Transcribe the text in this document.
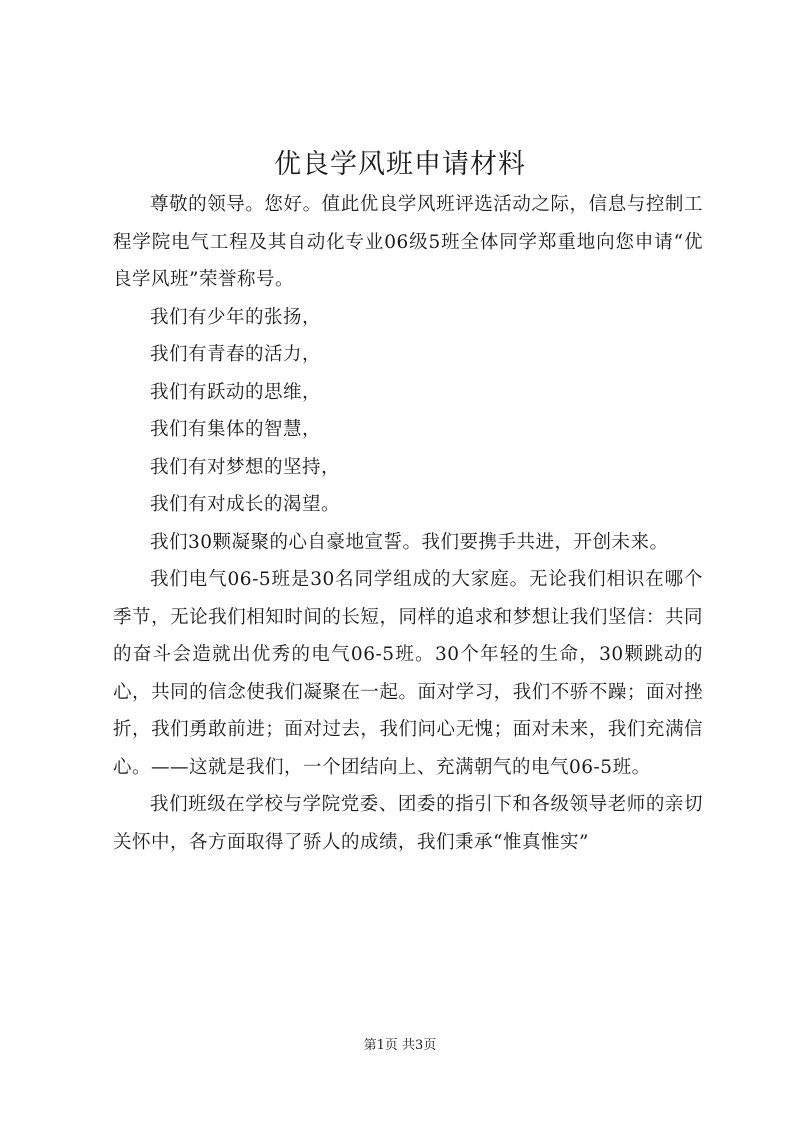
优良学风班申请材料

尊敬的领导。您好。值此优良学风班评选活动之际，信息与控制工程学院电气工程及其自动化专业06级5班全体同学郑重地向您申请“优良学风班”荣誉称号。

我们有少年的张扬，

我们有青春的活力，

我们有跃动的思维，

我们有集体的智慧，

我们有对梦想的坚持，

我们有对成长的渴望。

我们30颗凝聚的心自豪地宣誓。我们要携手共进，开创未来。

我们电气06-5班是30名同学组成的大家庭。无论我们相识在哪个季节，无论我们相知时间的长短，同样的追求和梦想让我们坚信：共同的奋斗会造就出优秀的电气06-5班。30个年轻的生命，30颗跳动的心，共同的信念使我们凝聚在一起。面对学习，我们不骄不躁；面对挫折，我们勇敢前进；面对过去，我们问心无愧；面对未来，我们充满信心。——这就是我们，一个团结向上、充满朝气的电气06-5班。

我们班级在学校与学院党委、团委的指引下和各级领导老师的亲切关怀中，各方面取得了骄人的成绩，我们秉承“惟真惟实”

第1页 共3页
